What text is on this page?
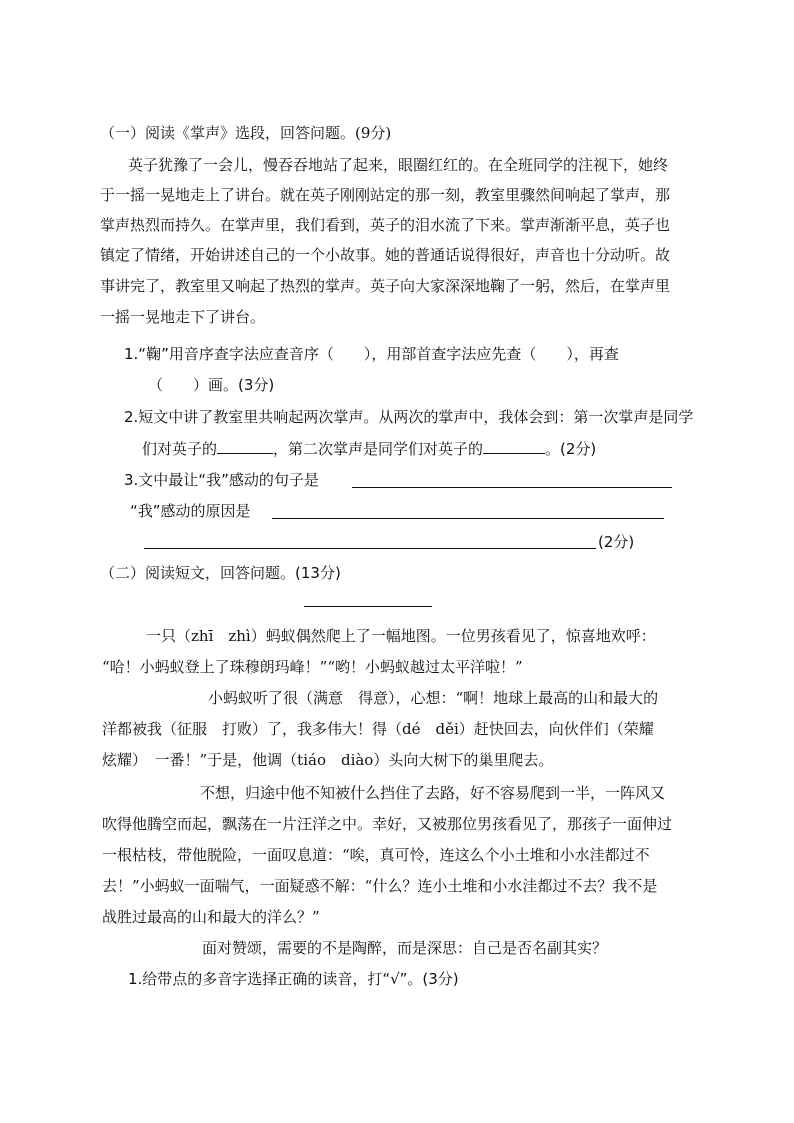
（一）阅读《掌声》选段，回答问题。(9分)
英子犹豫了一会儿，慢吞吞地站了起来，眼圈红红的。在全班同学的注视下，她终
于一摇一晃地走上了讲台。就在英子刚刚站定的那一刻，教室里骤然间响起了掌声，那
掌声热烈而持久。在掌声里，我们看到，英子的泪水流了下来。掌声渐渐平息，英子也
镇定了情绪，开始讲述自己的一个小故事。她的普通话说得很好，声音也十分动听。故
事讲完了，教室里又响起了热烈的掌声。英子向大家深深地鞠了一躬，然后，在掌声里
一摇一晃地走下了讲台。
1.“鞠”用音序查字法应查音序（　　），用部首查字法应先查（　　），再查
（　　）画。(3分)
2.短文中讲了教室里共响起两次掌声。从两次的掌声中，我体会到：第一次掌声是同学
们对英子的	，第二次掌声是同学们对英子的	。(2分)
3.文中最让“我”感动的句子是
“我”感动的原因是
(2分)
（二）阅读短文，回答问题。(13分)
一只（zhī　zhì）蚂蚁偶然爬上了一幅地图。一位男孩看见了，惊喜地欢呼：
“哈！小蚂蚁登上了珠穆朗玛峰！”“哟！小蚂蚁越过太平洋啦！”
小蚂蚁听了很（满意　得意），心想：“啊！地球上最高的山和最大的
洋都被我（征服　打败）了，我多伟大！得（dé　děi）赶快回去，向伙伴们（荣耀
炫耀）　一番！”于是，他调（tiáo　diào）头向大树下的巢里爬去。
不想，归途中他不知被什么挡住了去路，好不容易爬到一半，一阵风又
吹得他腾空而起，飘荡在一片汪洋之中。幸好，又被那位男孩看见了，那孩子一面伸过
一根枯枝，带他脱险，一面叹息道：“唉，真可怜，连这么个小土堆和小水洼都过不
去！”小蚂蚁一面喘气，一面疑惑不解：“什么？连小土堆和小水洼都过不去？我不是
战胜过最高的山和最大的洋么？”
面对赞颂，需要的不是陶醉，而是深思：自己是否名副其实？
1.给带点的多音字选择正确的读音，打“√”。(3分)
